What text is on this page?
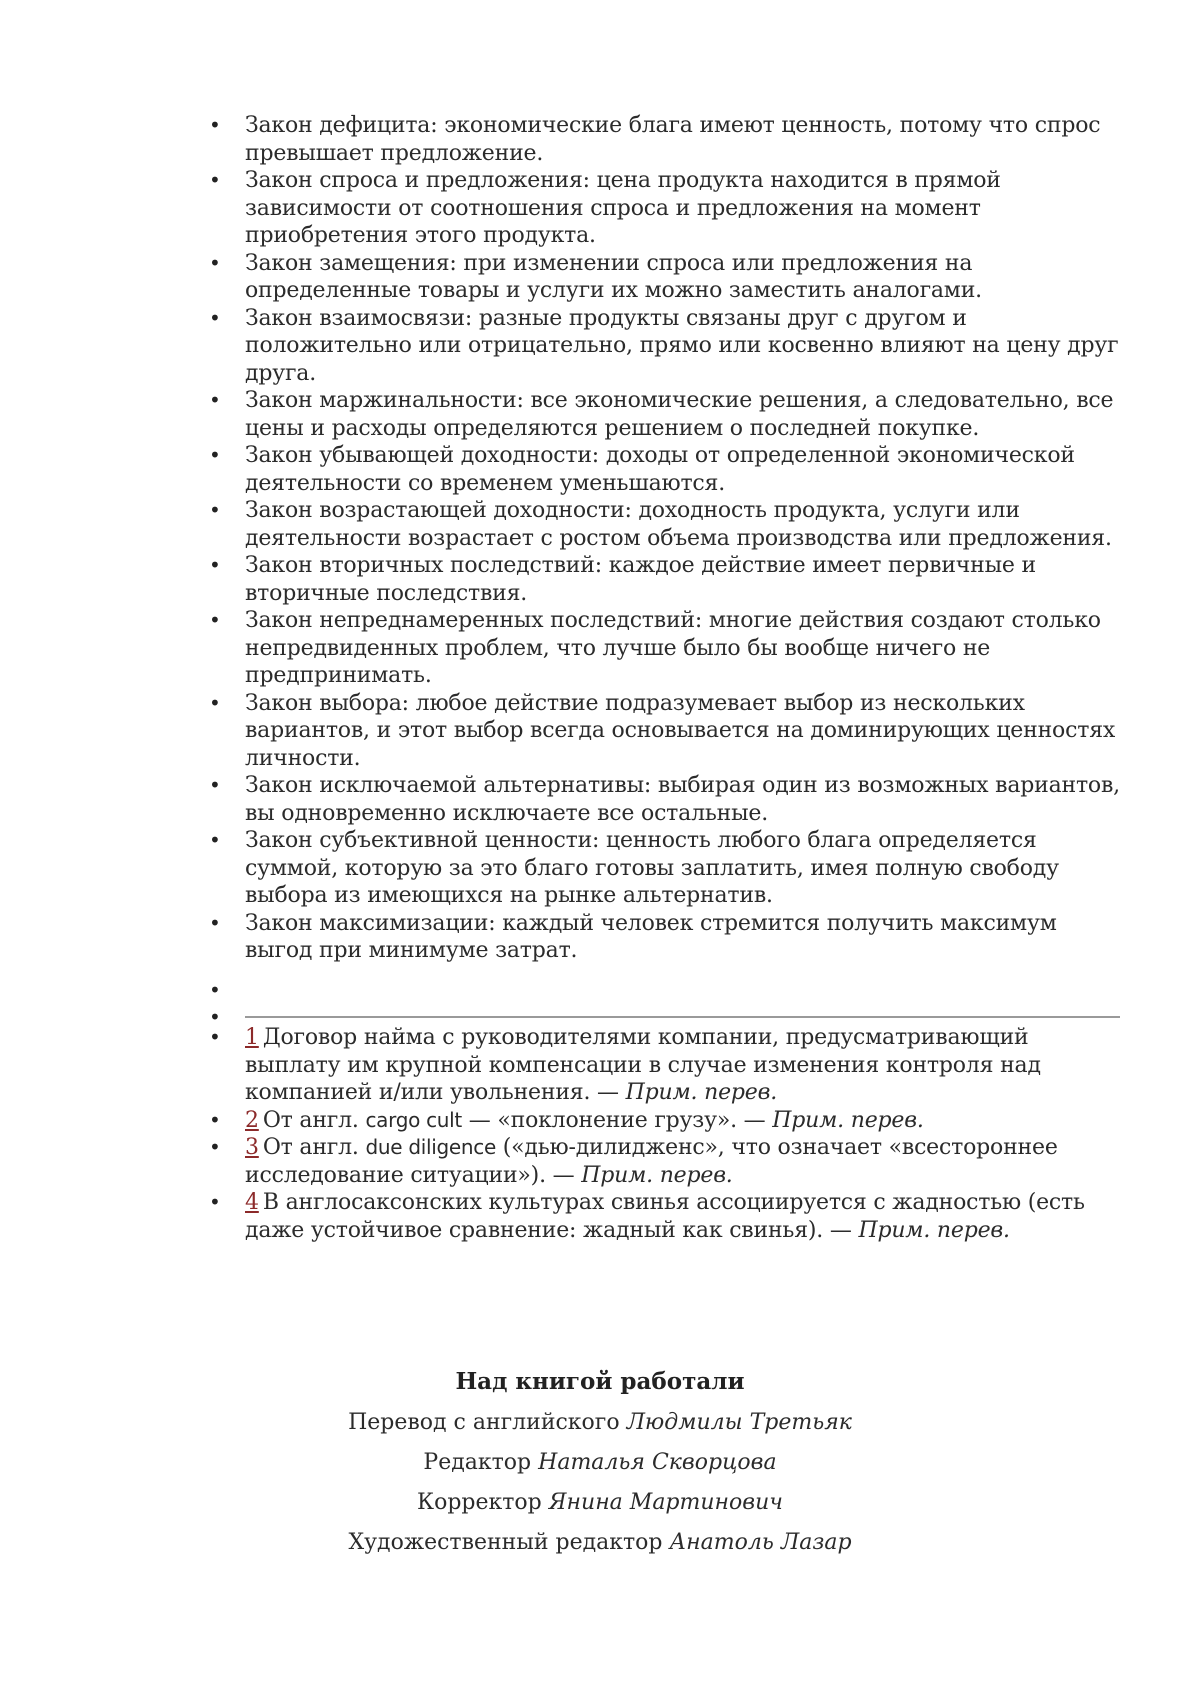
• Закон дефицита: экономические блага имеют ценность, потому что спрос превышает предложение.
• Закон спроса и предложения: цена продукта находится в прямой зависимости от соотношения спроса и предложения на момент приобретения этого продукта.
• Закон замещения: при изменении спроса или предложения на определенные товары и услуги их можно заместить аналогами.
• Закон взаимосвязи: разные продукты связаны друг с другом и положительно или отрицательно, прямо или косвенно влияют на цену друг друга.
• Закон маржинальности: все экономические решения, а следовательно, все цены и расходы определяются решением о последней покупке.
• Закон убывающей доходности: доходы от определенной экономической деятельности со временем уменьшаются.
• Закон возрастающей доходности: доходность продукта, услуги или деятельности возрастает с ростом объема производства или предложения.
• Закон вторичных последствий: каждое действие имеет первичные и вторичные последствия.
• Закон непреднамеренных последствий: многие действия создают столько непредвиденных проблем, что лучше было бы вообще ничего не предпринимать.
• Закон выбора: любое действие подразумевает выбор из нескольких вариантов, и этот выбор всегда основывается на доминирующих ценностях личности.
• Закон исключаемой альтернативы: выбирая один из возможных вариантов, вы одновременно исключаете все остальные.
• Закон субъективной ценности: ценность любого блага определяется суммой, которую за это благо готовы заплатить, имея полную свободу выбора из имеющихся на рынке альтернатив.
• Закон максимизации: каждый человек стремится получить максимум выгод при минимуме затрат.
•
•
• 1 Договор найма с руководителями компании, предусматривающий выплату им крупной компенсации в случае изменения контроля над компанией и/или увольнения. — Прим. перев.
• 2 От англ. cargo cult — «поклонение грузу». — Прим. перев.
• 3 От англ. due diligence («дью-дилидженс», что означает «всестороннее исследование ситуации»). — Прим. перев.
• 4 В англосаксонских культурах свинья ассоциируется с жадностью (есть даже устойчивое сравнение: жадный как свинья). — Прим. перев.

Над книгой работали

Перевод с английского Людмилы Третьяк

Редактор Наталья Скворцова

Корректор Янина Мартинович

Художественный редактор Анатоль Лазар
